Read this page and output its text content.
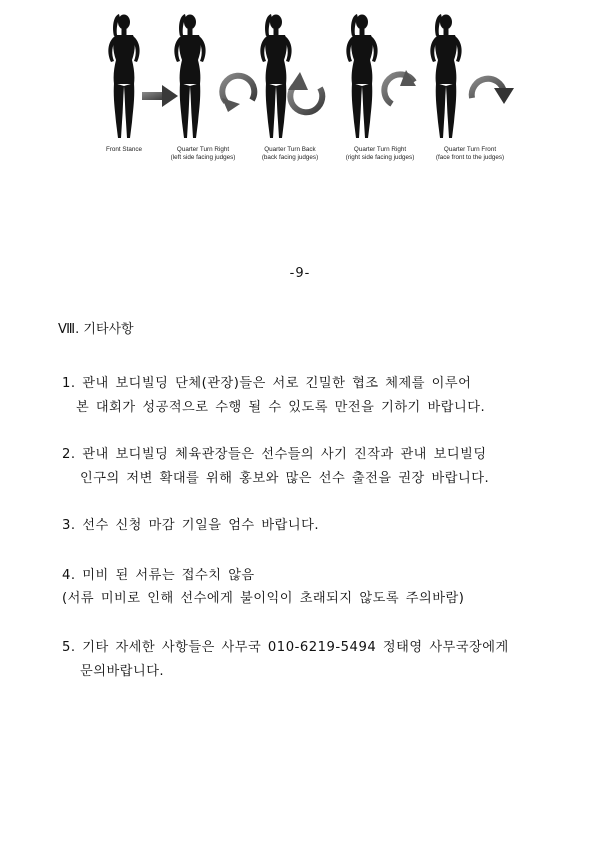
Front Stance	Quarter Turn Right
(left side facing judges)
Quarter Turn Back
(back facing judges)
Quarter Turn Right
(right side facing judges)
Quarter Turn Front
(face front to the judges)
-9-
Ⅷ. 기타사항
1. 관내 보디빌딩 단체(관장)들은 서로 긴밀한 협조 체제를 이루어
본 대회가 성공적으로 수행 될 수 있도록 만전을 기하기 바랍니다.
2. 관내 보디빌딩 체육관장들은 선수들의 사기 진작과 관내 보디빌딩
인구의 저변 확대를 위해 홍보와 많은 선수 출전을 권장 바랍니다.
3. 선수 신청 마감 기일을 엄수 바랍니다.
4. 미비 된 서류는 접수치 않음
(서류 미비로 인해 선수에게 불이익이 초래되지 않도록 주의바람)
5. 기타 자세한 사항들은 사무국 010-6219-5494 정태영 사무국장에게
문의바랍니다.
